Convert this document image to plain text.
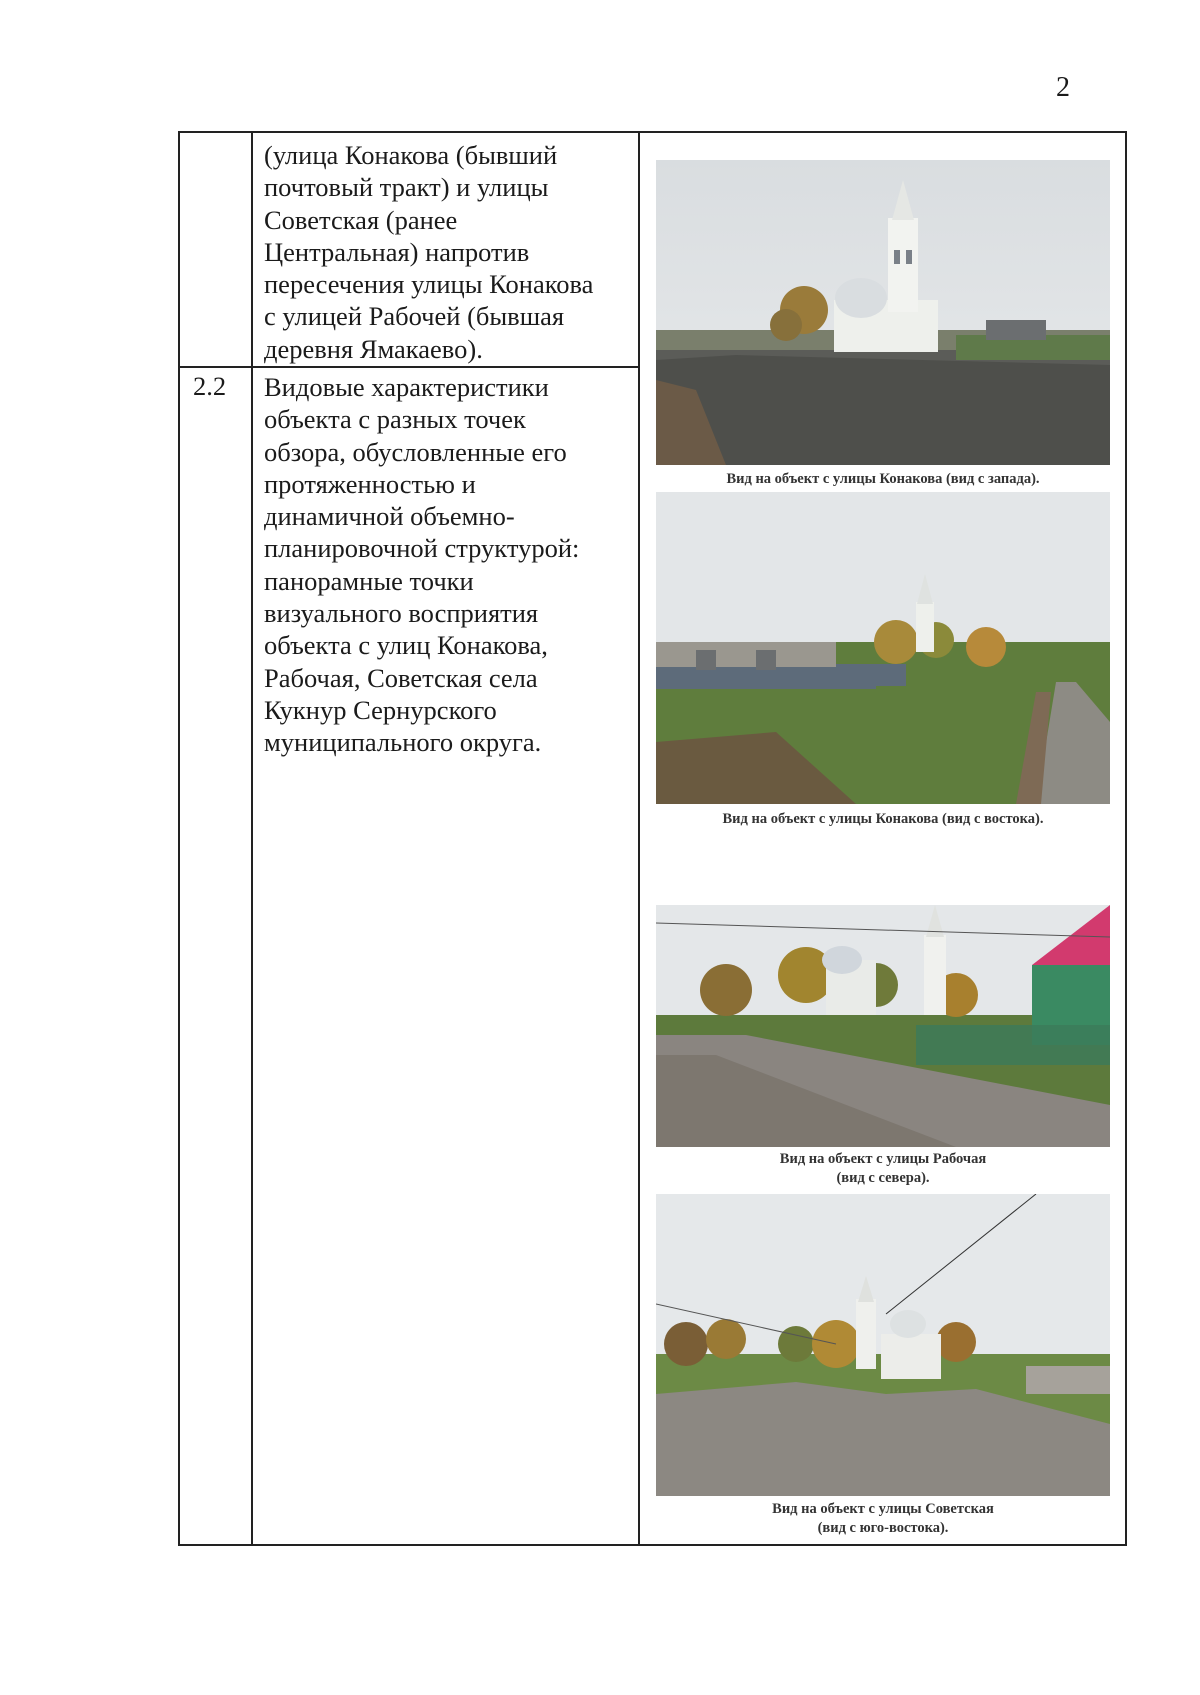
2
(улица Конакова (бывший
почтовый тракт) и улицы
Советская (ранее
Центральная) напротив
пересечения улицы Конакова
с улицей Рабочей (бывшая
деревня Ямакаево).
2.2 Видовые характеристики
объекта с разных точек
обзора, обусловленные его
протяженностью и
динамичной объемно-
планировочной структурой:
панорамные точки
визуального восприятия
объекта с улиц Конакова,
Рабочая, Советская села
Кукнур Сернурского
муниципального округа.
Вид на объект с улицы Конакова (вид с запада).
Вид на объект с улицы Конакова (вид с востока).
Вид на объект с улицы Рабочая
(вид с севера).
Вид на объект с улицы Советская
(вид с юго-востока).
